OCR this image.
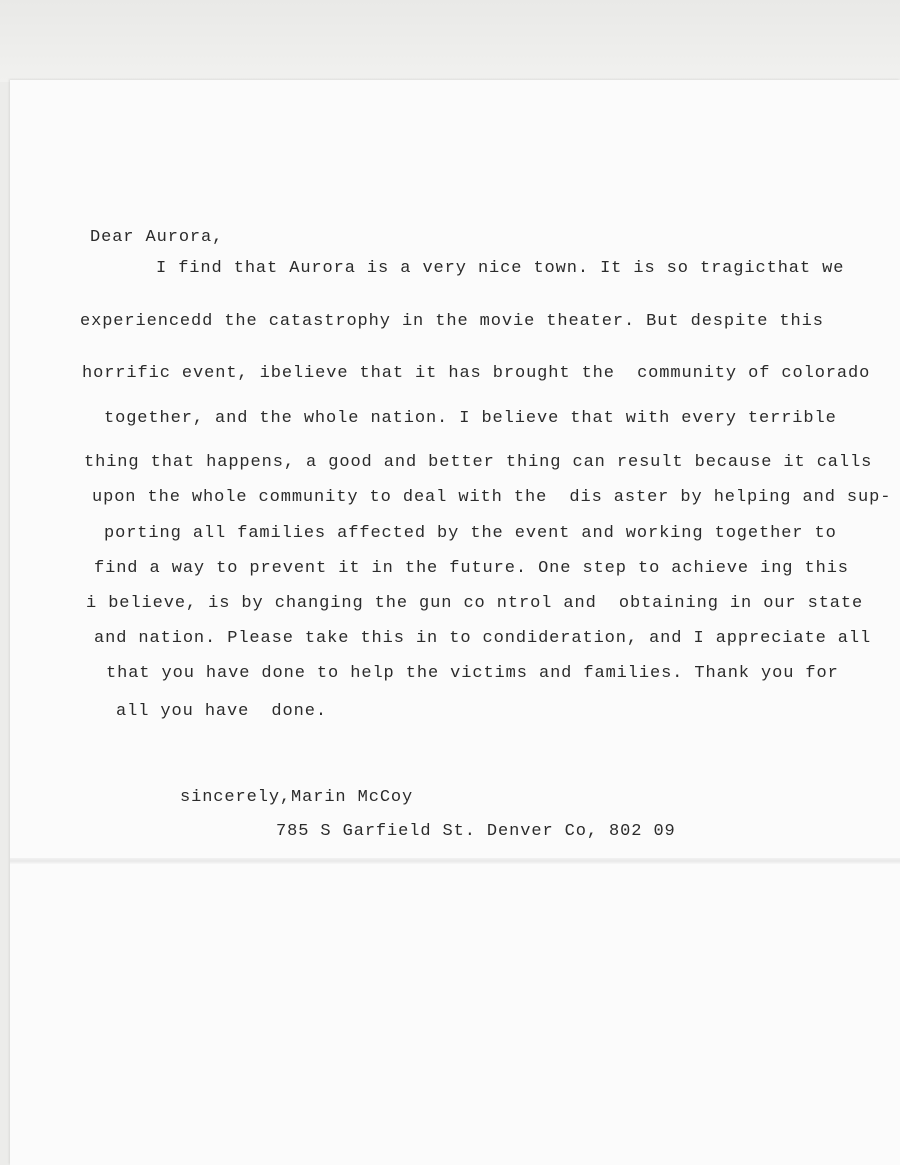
Dear Aurora,
I find that Aurora is a very nice town. It is so tragicthat we
experiencedd the catastrophy in the movie theater. But despite this
horrific event, ibelieve that it has brought the  community of colorado
together, and the whole nation. I believe that with every terrible
thing that happens, a good and better thing can result because it calls
upon the whole community to deal with the  dis aster by helping and sup-
porting all families affected by the event and working together to
find a way to prevent it in the future. One step to achieve ing this
i believe, is by changing the gun co ntrol and  obtaining in our state
and nation. Please take this in to condideration, and I appreciate all
that you have done to help the victims and families. Thank you for
all you have  done.
sincerely,Marin McCoy
785 S Garfield St. Denver Co, 802 09
